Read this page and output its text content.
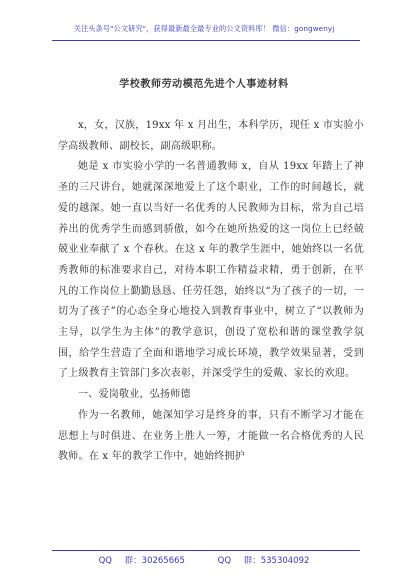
关注头条号"公文研究"，获得最新最全最专业的公文资料库！ 微信：gongwenyj
学校教师劳动模范先进个人事迹材料

x，女，汉族，19xx 年 x 月出生，本科学历，现任 x 市实验小学高级教师、副校长，副高级职称。

她是 x 市实验小学的一名普通教师 x，自从 19xx 年踏上了神圣的三尺讲台，她就深深地爱上了这个职业，工作的时间越长，就爱的越深。她一直以当好一名优秀的人民教师为目标，常为自己培养出的优秀学生而感到骄傲，如今在她所热爱的这一岗位上已经兢兢业业奉献了 x 个春秋。在这 x 年的教学生涯中，她始终以一名优秀教师的标准要求自己，对待本职工作精益求精，勇于创新，在平凡的工作岗位上勤勤恳恳、任劳任怨，始终以“为了孩子的一切，一切为了孩子”的心态全身心地投入到教育事业中，树立了“以教师为主导，以学生为主体”的教学意识，创设了宽松和谐的课堂教学氛围，给学生营造了全面和谐地学习成长环境，教学效果显著，受到了上级教育主管部门多次表彰，并深受学生的爱戴、家长的欢迎。

一、爱岗敬业，弘扬师德

作为一名教师，她深知学习是终身的事，只有不断学习才能在思想上与时俱进、在业务上胜人一筹，才能做一名合格优秀的人民教师。在 x 年的教学工作中，她始终拥护

QQ 群：30265665	QQ 群：535304092
